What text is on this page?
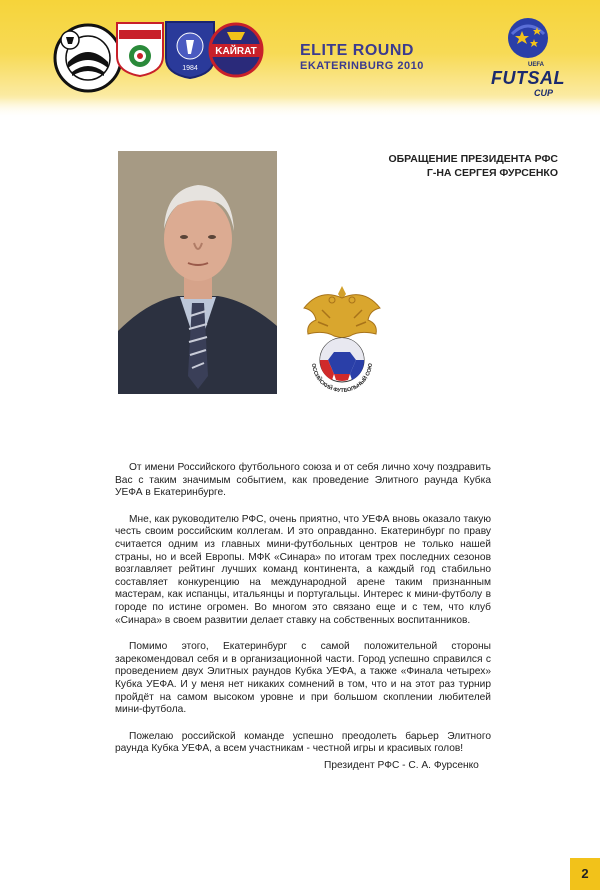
1984
KAЙRAT	ELITE ROUND
EKATERINBURG 2010	UEFA
FUTSAL
CUP
ОБРАЩЕНИЕ ПРЕЗИДЕНТА РФС
Г-НА СЕРГЕЯ ФУРСЕНКО
ОССИЙСКИЙ ФУТБОЛЬНЫЙ СОЮ

От имени Российского футбольного союза и от себя лично хочу поздравить Вас с таким значимым событием, как проведение Элитного раунда Кубка УЕФА в Екатеринбурге.

Мне, как руководителю РФС, очень приятно, что УЕФА вновь оказало такую честь своим российским коллегам. И это оправданно. Екатеринбург по праву считается одним из главных мини-футбольных центров не только нашей страны, но и всей Европы. МФК «Синара» по итогам трех последних сезонов возглавляет рейтинг лучших команд континента, а каждый год стабильно составляет конкуренцию на международной арене таким признанным мастерам, как испанцы, итальянцы и португальцы. Интерес к мини-футболу в городе по истине огромен. Во многом это связано еще и с тем, что клуб «Синара» в своем развитии делает ставку на собственных воспитанников.

Помимо этого, Екатеринбург с самой положительной стороны зарекомендовал себя и в организационной части. Город успешно справился с проведением двух Элитных раундов Кубка УЕФА, а также «Финала четырех» Кубка УЕФА. И у меня нет никаких сомнений в том, что и на этот раз турнир пройдёт на самом высоком уровне и при большом скоплении любителей мини-футбола.

Пожелаю российской команде успешно преодолеть барьер Элитного раунда Кубка УЕФА, а всем участникам - честной игры и красивых голов!

Президент РФС - С. А. Фурсенко
2
